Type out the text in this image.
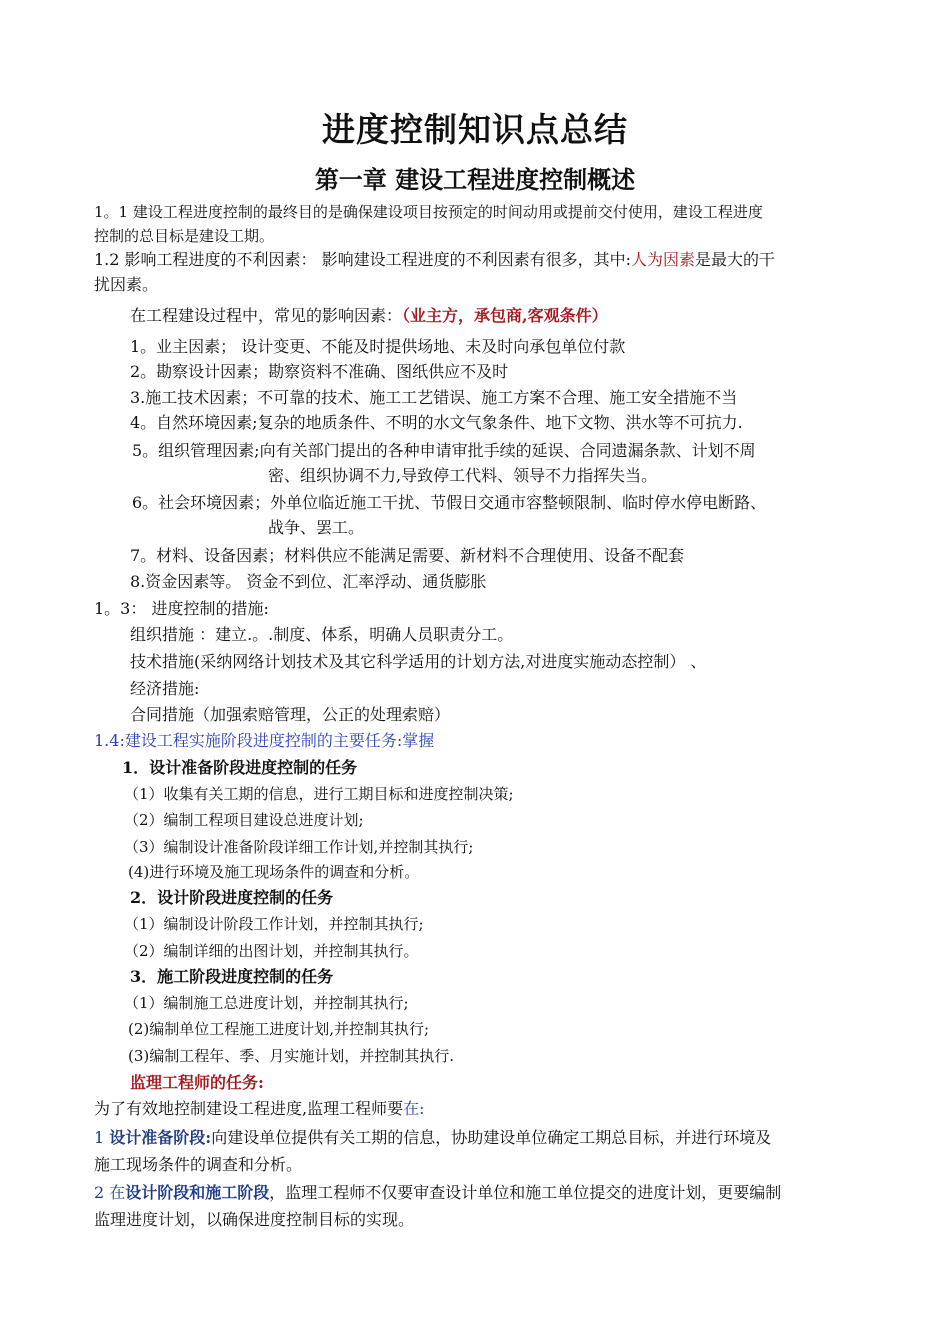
进度控制知识点总结
第一章 建设工程进度控制概述
1。1 建设工程进度控制的最终目的是确保建设项目按预定的时间动用或提前交付使用，建设工程进度
控制的总目标是建设工期。
1.2 影响工程进度的不利因素： 影响建设工程进度的不利因素有很多，其中:人为因素是最大的干
扰因素。
在工程建设过程中，常见的影响因素：（业主方，承包商,客观条件）
1。业主因素； 设计变更、不能及时提供场地、未及时向承包单位付款
2。勘察设计因素；勘察资料不准确、图纸供应不及时
3.施工技术因素；不可靠的技术、施工工艺错误、施工方案不合理、施工安全措施不当
4。自然环境因素;复杂的地质条件、不明的水文气象条件、地下文物、洪水等不可抗力.
5。组织管理因素;向有关部门提出的各种申请审批手续的延误、合同遗漏条款、计划不周
密、组织协调不力,导致停工代料、领导不力指挥失当。
6。社会环境因素；外单位临近施工干扰、节假日交通市容整顿限制、临时停水停电断路、
战争、罢工。
7。材料、设备因素；材料供应不能满足需要、新材料不合理使用、设备不配套
8.资金因素等。 资金不到位、汇率浮动、通货膨胀
1。3： 进度控制的措施:
组织措施 ：建立.。.制度、体系，明确人员职责分工。
技术措施(采纳网络计划技术及其它科学适用的计划方法,对进度实施动态控制） 、
经济措施:
合同措施（加强索赔管理，公正的处理索赔）
1.4:建设工程实施阶段进度控制的主要任务:掌握
1．设计准备阶段进度控制的任务
（1）收集有关工期的信息，进行工期目标和进度控制决策;
（2）编制工程项目建设总进度计划;
（3）编制设计准备阶段详细工作计划,并控制其执行;
(4)进行环境及施工现场条件的调查和分析。
2．设计阶段进度控制的任务
（1）编制设计阶段工作计划，并控制其执行;
（2）编制详细的出图计划，并控制其执行。
3．施工阶段进度控制的任务
（1）编制施工总进度计划，并控制其执行;
(2)编制单位工程施工进度计划,并控制其执行;
(3)编制工程年、季、月实施计划，并控制其执行.
监理工程师的任务:
为了有效地控制建设工程进度,监理工程师要在:
1 设计准备阶段:向建设单位提供有关工期的信息，协助建设单位确定工期总目标，并进行环境及
施工现场条件的调查和分析。
2 在设计阶段和施工阶段，监理工程师不仅要审查设计单位和施工单位提交的进度计划，更要编制
监理进度计划，以确保进度控制目标的实现。
